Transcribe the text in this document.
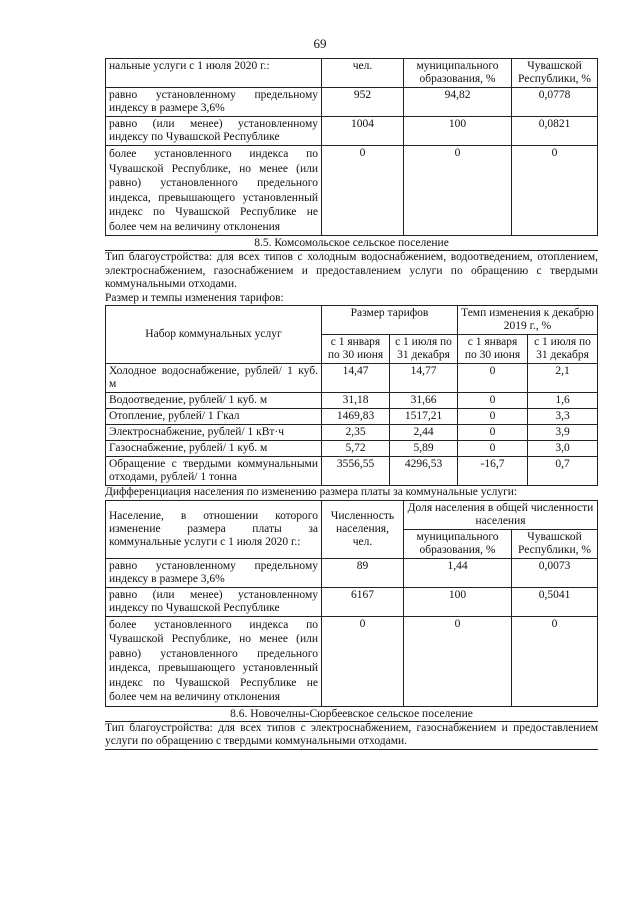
69
нальные услуги с 1 июля 2020 г.:	чел.	муниципального образования, %	Чувашской Республики, %
равно установленному предельному индексу в размере 3,6%	952	94,82	0,0778
равно (или менее) установленному индексу по Чувашской Республике	1004	100	0,0821
более установленного индекса по Чувашской Республике, но менее (или равно) установленного предельного индекса, превышающего установленный индекс по Чувашской Республике не более чем на величину отклонения	0	0	0
8.5. Комсомольское сельское поселение
Тип благоустройства: для всех типов с холодным водоснабжением, водоотведением, отоплением, электроснабжением, газоснабжением и предоставлением услуги по обращению с твердыми коммунальными отходами.
Размер и темпы изменения тарифов:
Набор коммунальных услуг	Размер тарифов		Темп изменения к декабрю 2019 г., %	
	с 1 января по 30 июня	с 1 июля по 31 декабря	с 1 января по 30 июня	с 1 июля по 31 декабря
Холодное водоснабжение, рублей/ 1 куб. м	14,47	14,77	0	2,1
Водоотведение, рублей/ 1 куб. м	31,18	31,66	0	1,6
Отопление, рублей/ 1 Гкал	1469,83	1517,21	0	3,3
Электроснабжение, рублей/ 1 кВт·ч	2,35	2,44	0	3,9
Газоснабжение, рублей/ 1 куб. м	5,72	5,89	0	3,0
Обращение с твердыми коммунальными отходами, рублей/ 1 тонна	3556,55	4296,53	-16,7	0,7
Дифференциация населения по изменению размера платы за коммунальные услуги:
Население, в отношении которого изменение размера платы за коммунальные услуги с 1 июля 2020 г.:	Численность населения, чел.	Доля населения в общей численности населения	
		муниципального образования, %	Чувашской Республики, %
равно установленному предельному индексу в размере 3,6%	89	1,44	0,0073
равно (или менее) установленному индексу по Чувашской Республике	6167	100	0,5041
более установленного индекса по Чувашской Республике, но менее (или равно) установленного предельного индекса, превышающего установленный индекс по Чувашской Республике не более чем на величину отклонения	0	0	0
8.6. Новочелны-Сюрбеевское сельское поселение
Тип благоустройства: для всех типов с электроснабжением, газоснабжением и предоставлением услуги по обращению с твердыми коммунальными отходами.
